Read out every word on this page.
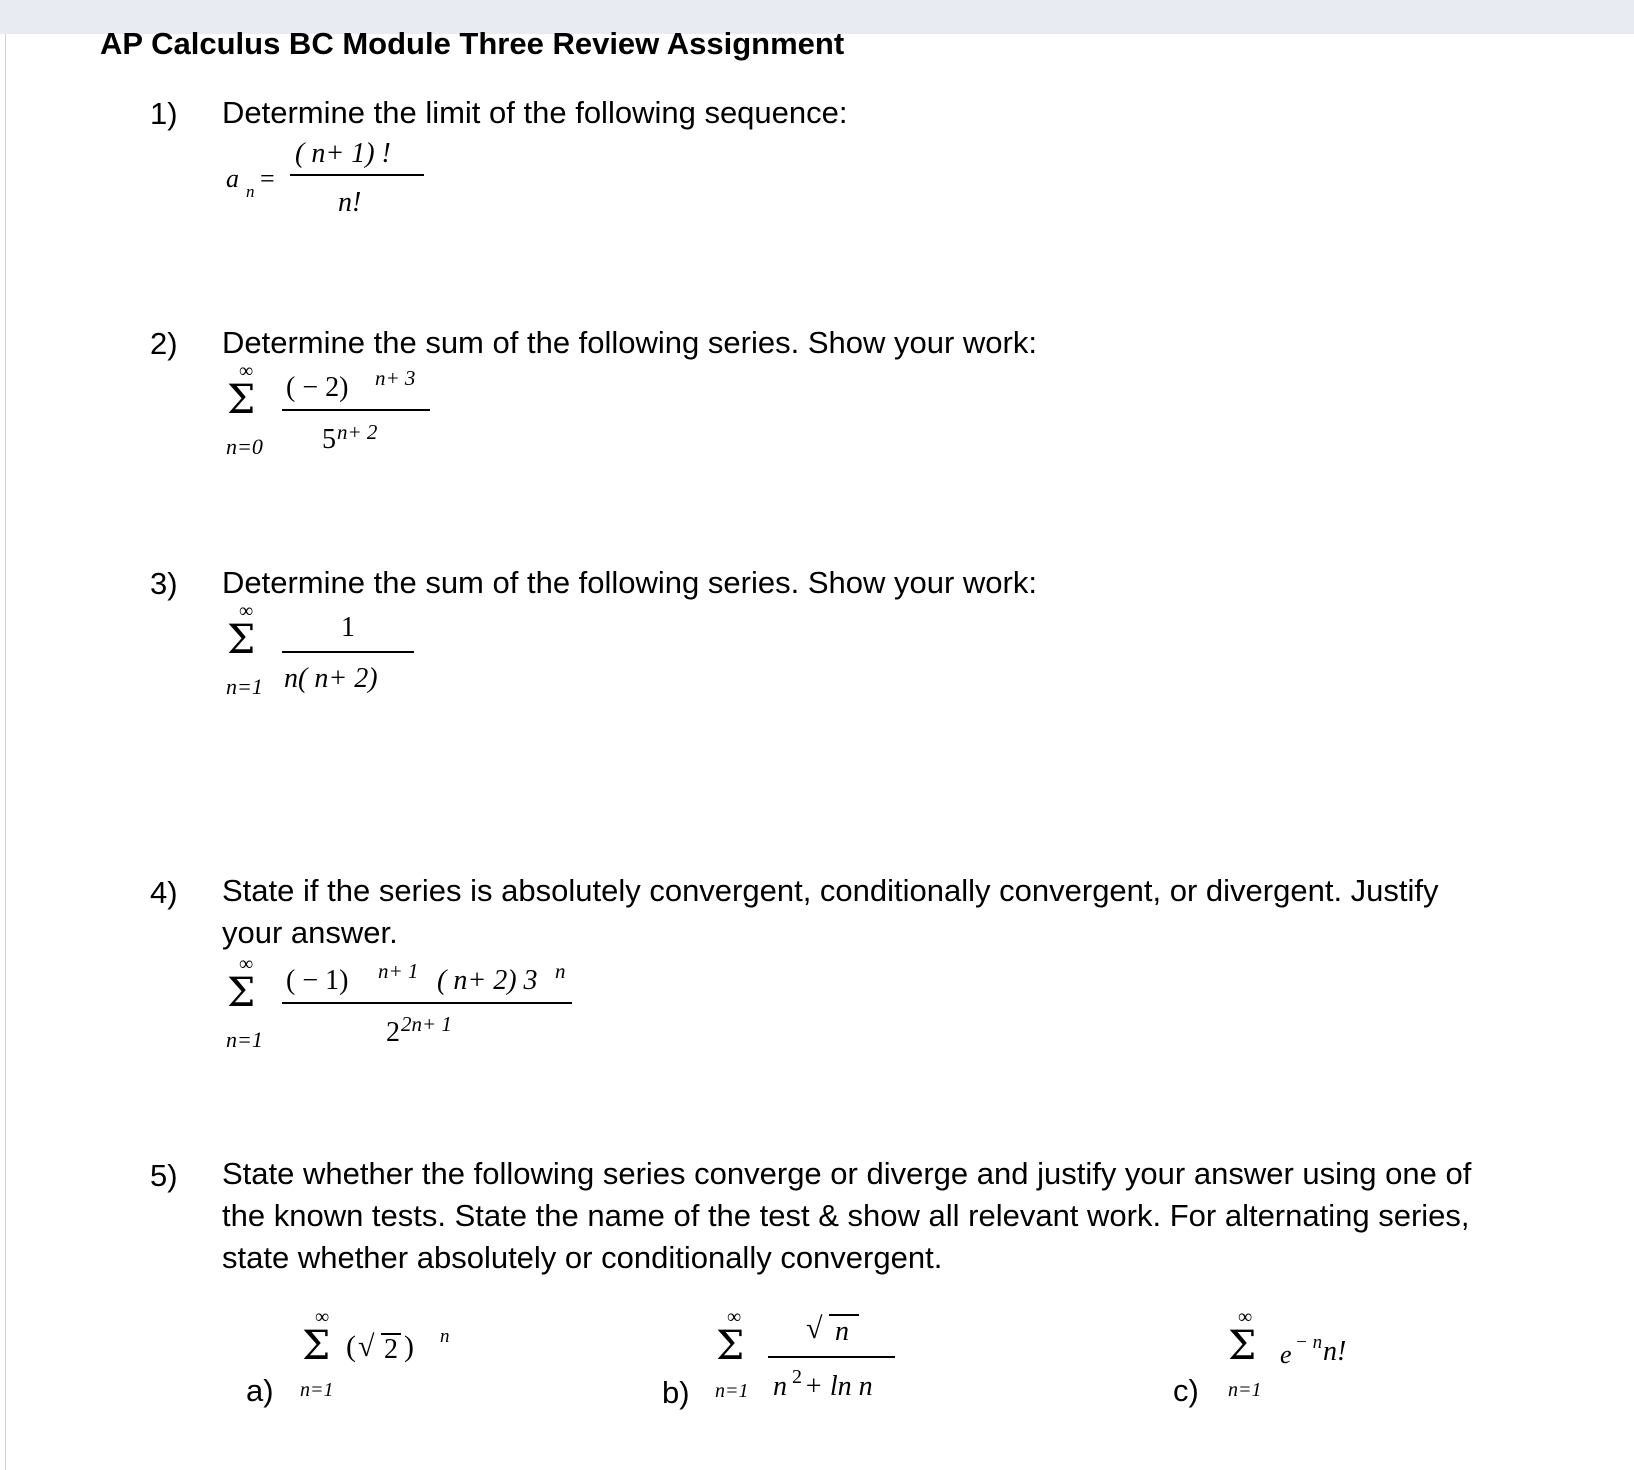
AP Calculus BC Module Three Review Assignment
1) Determine the limit of the following sequence:
a n =
( n+ 1) !
n!
2) Determine the sum of the following series. Show your work:
∞
Σ
n=0
( − 2) n+ 3
5 n+ 2
3) Determine the sum of the following series. Show your work:
∞
Σ
n=1
1
n( n+ 2)
4) State if the series is absolutely convergent, conditionally convergent, or divergent. Justify
your answer.
∞
Σ
n=1
( − 1) n+ 1 ( n+ 2) 3 n
2 2n+ 1
5) State whether the following series converge or diverge and justify your answer using one of
the known tests. State the name of the test & show all relevant work. For alternating series,
state whether absolutely or conditionally convergent.
a)
∞
Σ
n=1
( √ 2 ) n
b)
∞
Σ
n=1
√ n
n 2 + ln n	c)
∞
Σ
n=1
e − n n!
